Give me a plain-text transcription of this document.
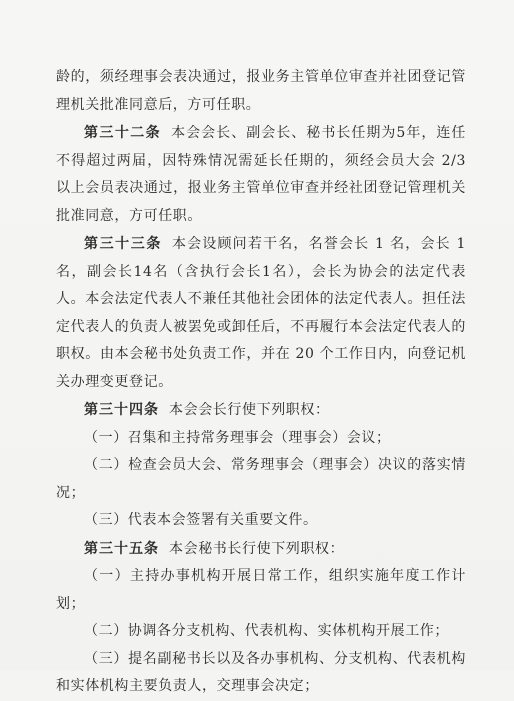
龄的，须经理事会表决通过，报业务主管单位审查并社团登记管理机关批准同意后，方可任职。

第三十二条 本会会长、副会长、秘书长任期为5年，连任不得超过两届，因特殊情况需延长任期的，须经会员大会 2/3 以上会员表决通过，报业务主管单位审查并经社团登记管理机关批准同意，方可任职。

第三十三条 本会设顾问若干名，名誉会长 1 名，会长 1 名，副会长14名（含执行会长1名），会长为协会的法定代表人。本会法定代表人不兼任其他社会团体的法定代表人。担任法定代表人的负责人被罢免或卸任后，不再履行本会法定代表人的职权。由本会秘书处负责工作，并在 20 个工作日内，向登记机关办理变更登记。

第三十四条 本会会长行使下列职权：

（一）召集和主持常务理事会（理事会）会议；

（二）检查会员大会、常务理事会（理事会）决议的落实情况；

（三）代表本会签署有关重要文件。

第三十五条 本会秘书长行使下列职权：

（一）主持办事机构开展日常工作，组织实施年度工作计划；

（二）协调各分支机构、代表机构、实体机构开展工作；

（三）提名副秘书长以及各办事机构、分支机构、代表机构和实体机构主要负责人，交理事会决定；
